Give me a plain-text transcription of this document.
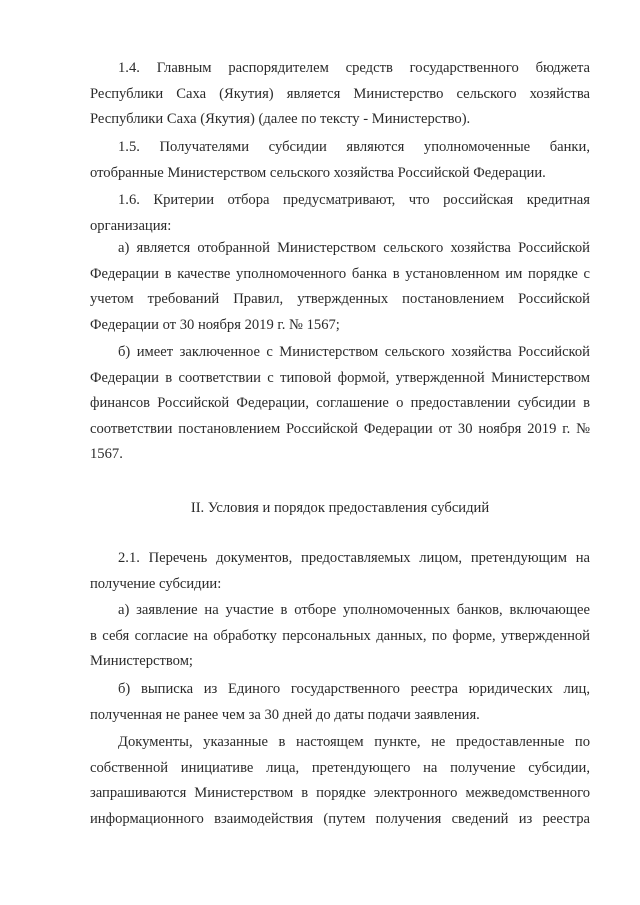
1.4. Главным распорядителем средств государственного бюджета
Республики Саха (Якутия) является Министерство сельского хозяйства
Республики Саха (Якутия) (далее по тексту - Министерство).
1.5. Получателями субсидии являются уполномоченные банки,
отобранные Министерством сельского хозяйства Российской Федерации.
1.6. Критерии отбора предусматривают, что российская кредитная
организация:
а) является отобранной Министерством сельского хозяйства Российской
Федерации в качестве уполномоченного банка в установленном им порядке с
учетом требований Правил, утвержденных постановлением Российской
Федерации от 30 ноября 2019 г. № 1567;
б) имеет заключенное с Министерством сельского хозяйства Российской
Федерации в соответствии с типовой формой, утвержденной Министерством
финансов Российской Федерации, соглашение о предоставлении субсидии в
соответствии постановлением Российской Федерации от 30 ноября 2019 г. №
1567.
II. Условия и порядок предоставления субсидий
2.1. Перечень документов, предоставляемых лицом, претендующим на
получение субсидии:
а) заявление на участие в отборе уполномоченных банков, включающее
в себя согласие на обработку персональных данных, по форме, утвержденной
Министерством;
б) выписка из Единого государственного реестра юридических лиц,
полученная не ранее чем за 30 дней до даты подачи заявления.
Документы, указанные в настоящем пункте, не предоставленные по
собственной инициативе лица, претендующего на получение субсидии,
запрашиваются Министерством в порядке электронного межведомственного
информационного взаимодействия (путем получения сведений из реестра
